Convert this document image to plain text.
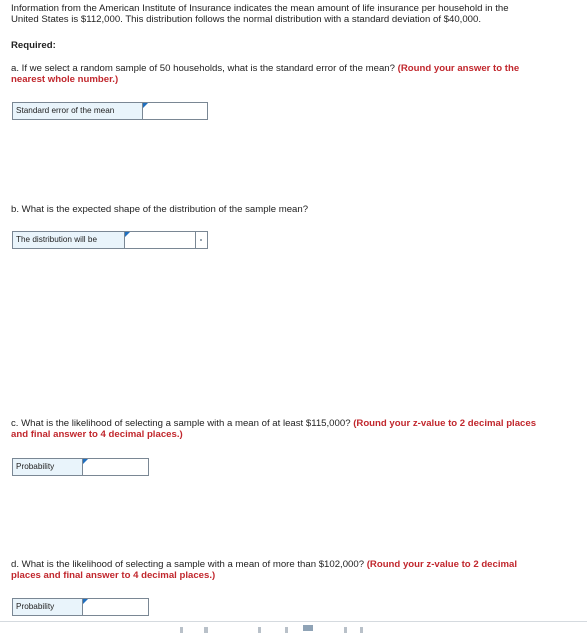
Information from the American Institute of Insurance indicates the mean amount of life insurance per household in the
United States is $112,000. This distribution follows the normal distribution with a standard deviation of $40,000.
Required:
a. If we select a random sample of 50 households, what is the standard error of the mean? (Round your answer to the
nearest whole number.)
Standard error of the mean
b. What is the expected shape of the distribution of the sample mean?
The distribution will be
c. What is the likelihood of selecting a sample with a mean of at least $115,000? (Round your z-value to 2 decimal places
and final answer to 4 decimal places.)
Probability
d. What is the likelihood of selecting a sample with a mean of more than $102,000? (Round your z-value to 2 decimal
places and final answer to 4 decimal places.)
Probability
